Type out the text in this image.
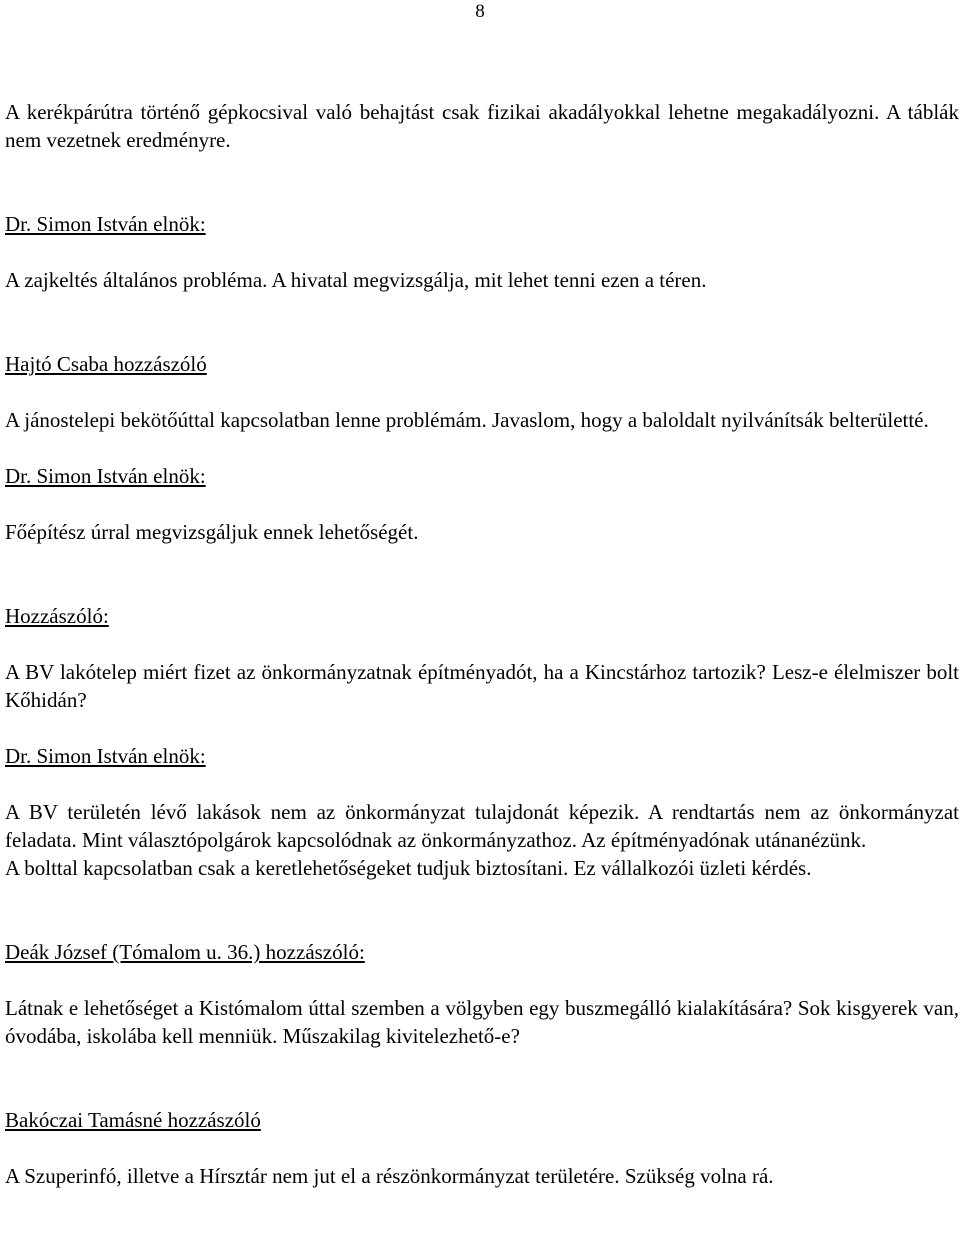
8

A kerékpárútra történő gépkocsival való behajtást csak fizikai akadályokkal lehetne megakadályozni. A táblák nem vezetnek eredményre.

Dr. Simon István elnök:

A zajkeltés általános probléma. A hivatal megvizsgálja, mit lehet tenni ezen a téren.

Hajtó Csaba hozzászóló

A jánostelepi bekötőúttal kapcsolatban lenne problémám. Javaslom, hogy a baloldalt nyilvánítsák belterületté.

Dr. Simon István elnök:

Főépítész úrral megvizsgáljuk ennek lehetőségét.

Hozzászóló:

A BV lakótelep miért fizet az önkormányzatnak építményadót, ha a Kincstárhoz tartozik? Lesz-e élelmiszer bolt Kőhidán?

Dr. Simon István elnök:

A BV területén lévő lakások nem az önkormányzat tulajdonát képezik. A rendtartás nem az önkormányzat feladata. Mint választópolgárok kapcsolódnak az önkormányzathoz. Az építményadónak utánanézünk.

A bolttal kapcsolatban csak a keretlehetőségeket tudjuk biztosítani. Ez vállalkozói üzleti kérdés.

Deák József (Tómalom u. 36.) hozzászóló:

Látnak e lehetőséget a Kistómalom úttal szemben a völgyben egy buszmegálló kialakítására? Sok kisgyerek van, óvodába, iskolába kell menniük. Műszakilag kivitelezhető-e?

Bakóczai Tamásné hozzászóló

A Szuperinfó, illetve a Hírsztár nem jut el a részönkormányzat területére. Szükség volna rá.
